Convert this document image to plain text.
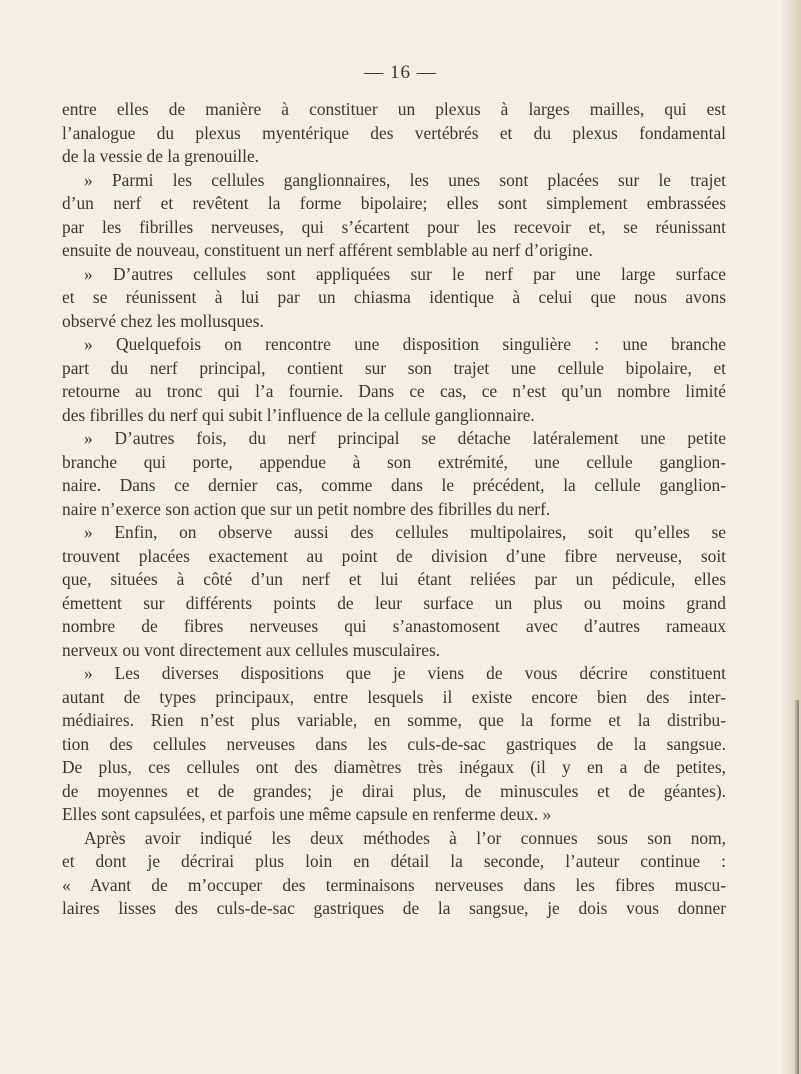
— 16 —

entre elles de manière à constituer un plexus à larges mailles, qui est

l’analogue du plexus myentérique des vertébrés et du plexus fondamental

de la vessie de la grenouille.

» Parmi les cellules ganglionnaires, les unes sont placées sur le trajet

d’un nerf et revêtent la forme bipolaire; elles sont simplement embrassées

par les fibrilles nerveuses, qui s’écartent pour les recevoir et, se réunissant

ensuite de nouveau, constituent un nerf afférent semblable au nerf d’origine.

» D’autres cellules sont appliquées sur le nerf par une large surface

et se réunissent à lui par un chiasma identique à celui que nous avons

observé chez les mollusques.

» Quelquefois on rencontre une disposition singulière : une branche

part du nerf principal, contient sur son trajet une cellule bipolaire, et

retourne au tronc qui l’a fournie. Dans ce cas, ce n’est qu’un nombre limité

des fibrilles du nerf qui subit l’influence de la cellule ganglionnaire.

» D’autres fois, du nerf principal se détache latéralement une petite

branche qui porte, appendue à son extrémité, une cellule ganglion-

naire. Dans ce dernier cas, comme dans le précédent, la cellule ganglion-

naire n’exerce son action que sur un petit nombre des fibrilles du nerf.

» Enfin, on observe aussi des cellules multipolaires, soit qu’elles se

trouvent placées exactement au point de division d’une fibre nerveuse, soit

que, situées à côté d’un nerf et lui étant reliées par un pédicule, elles

émettent sur différents points de leur surface un plus ou moins grand

nombre de fibres nerveuses qui s’anastomosent avec d’autres rameaux

nerveux ou vont directement aux cellules musculaires.

» Les diverses dispositions que je viens de vous décrire constituent

autant de types principaux, entre lesquels il existe encore bien des inter-

médiaires. Rien n’est plus variable, en somme, que la forme et la distribu-

tion des cellules nerveuses dans les culs-de-sac gastriques de la sangsue.

De plus, ces cellules ont des diamètres très inégaux (il y en a de petites,

de moyennes et de grandes; je dirai plus, de minuscules et de géantes).

Elles sont capsulées, et parfois une même capsule en renferme deux. »

Après avoir indiqué les deux méthodes à l’or connues sous son nom,

et dont je décrirai plus loin en détail la seconde, l’auteur continue :

« Avant de m’occuper des terminaisons nerveuses dans les fibres muscu-

laires lisses des culs-de-sac gastriques de la sangsue, je dois vous donner
